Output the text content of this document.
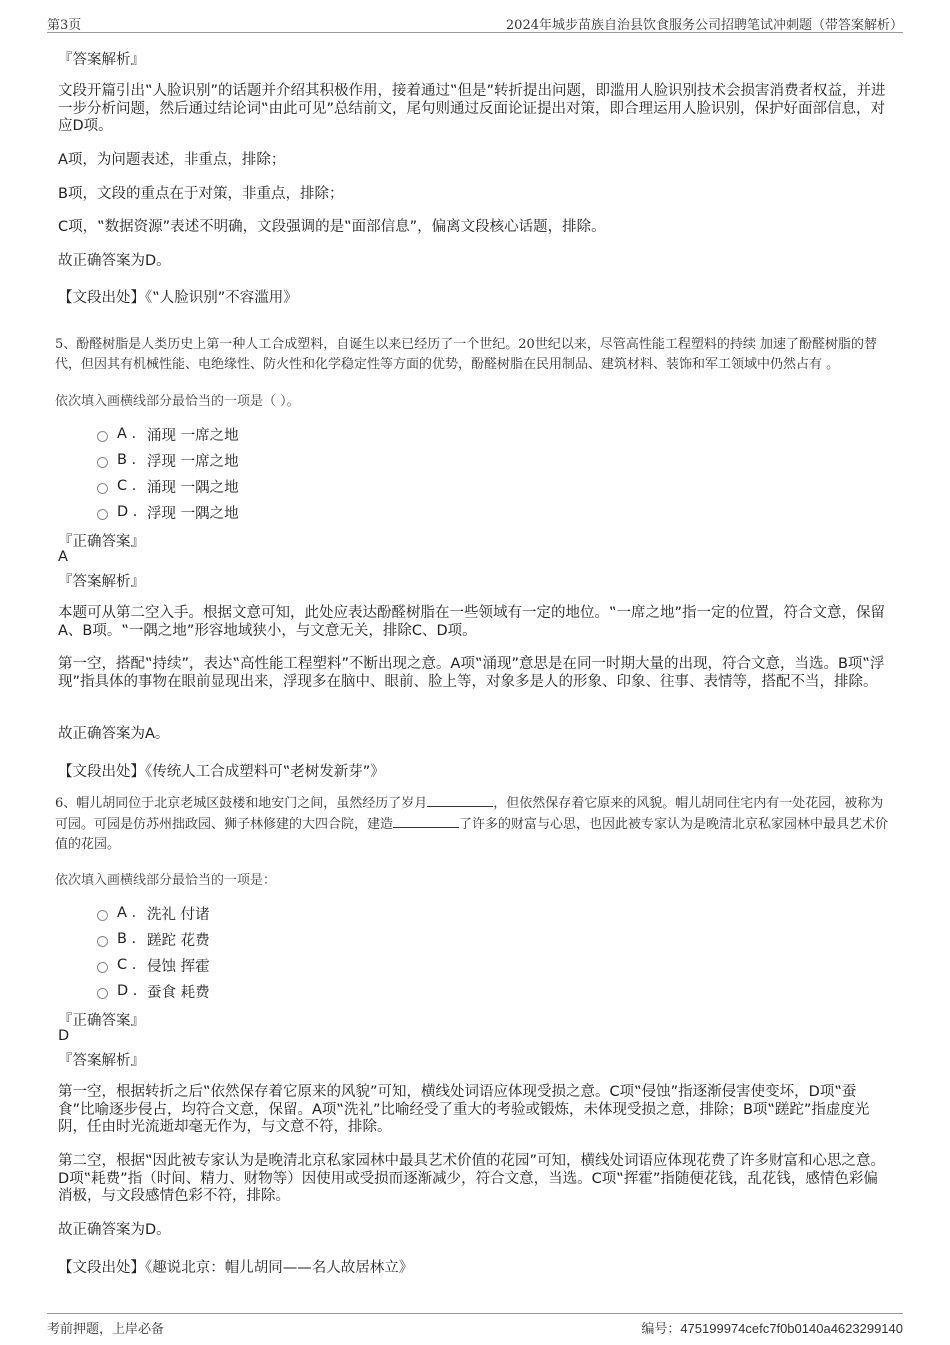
第3页	2024年城步苗族自治县饮食服务公司招聘笔试冲刺题（带答案解析）
『答案解析』
文段开篇引出‟人脸识别”的话题并介绍其积极作用，接着通过‟但是”转折提出问题，即滥用人脸识别技术会损害消费者权益，并进一步分析问题，然后通过结论词‟由此可见”总结前文，尾句则通过反面论证提出对策，即合理运用人脸识别，保护好面部信息，对应D项。
A项，为问题表述，非重点，排除；
B项，文段的重点在于对策，非重点，排除；
C项，‟数据资源”表述不明确，文段强调的是‟面部信息”，偏离文段核心话题，排除。
故正确答案为D。
【文段出处】《‟人脸识别”不容滥用》
5、酚醛树脂是人类历史上第一种人工合成塑料，自诞生以来已经历了一个世纪。20世纪以来，尽管高性能工程塑料的持续 加速了酚醛树脂的替代，但因其有机械性能、电绝缘性、防火性和化学稳定性等方面的优势，酚醛树脂在民用制品、建筑材料、装饰和军工领域中仍然占有 。
依次填入画横线部分最恰当的一项是（ ）。
A . 涌现 一席之地
B . 浮现 一席之地
C . 涌现 一隅之地
D . 浮现 一隅之地
『正确答案』
A
『答案解析』
本题可从第二空入手。根据文意可知，此处应表达酚醛树脂在一些领域有一定的地位。‟一席之地”指一定的位置，符合文意，保留A、B项。‟一隅之地”形容地域狭小，与文意无关，排除C、D项。
第一空，搭配‟持续”，表达‟高性能工程塑料”不断出现之意。A项‟涌现”意思是在同一时期大量的出现，符合文意，当选。B项‟浮现”指具体的事物在眼前显现出来，浮现多在脑中、眼前、脸上等，对象多是人的形象、印象、往事、表情等，搭配不当，排除。
故正确答案为A。
【文段出处】《传统人工合成塑料可‟老树发新芽”》
6、帽儿胡同位于北京老城区鼓楼和地安门之间，虽然经历了岁月	，但依然保存着它原来的风貌。帽儿胡同住宅内有一处花园，被称为可园。可园是仿苏州拙政园、狮子林修建的大四合院，建造	了许多的财富与心思，也因此被专家认为是晚清北京私家园林中最具艺术价值的花园。
依次填入画横线部分最恰当的一项是：
A . 洗礼 付诸
B . 蹉跎 花费
C . 侵蚀 挥霍
D . 蚕食 耗费
『正确答案』
D
『答案解析』
第一空，根据转折之后‟依然保存着它原来的风貌”可知，横线处词语应体现受损之意。C项‟侵蚀”指逐渐侵害使变坏，D项‟蚕食”比喻逐步侵占，均符合文意，保留。A项‟洗礼”比喻经受了重大的考验或锻炼，未体现受损之意，排除；B项‟蹉跎”指虚度光阴，任由时光流逝却毫无作为，与文意不符，排除。
第二空，根据‟因此被专家认为是晚清北京私家园林中最具艺术价值的花园”可知，横线处词语应体现花费了许多财富和心思之意。D项‟耗费”指（时间、精力、财物等）因使用或受损而逐渐减少，符合文意，当选。C项‟挥霍”指随便花钱，乱花钱，感情色彩偏消极，与文段感情色彩不符，排除。
故正确答案为D。
【文段出处】《趣说北京：帽儿胡同——名人故居林立》
考前押题，上岸必备	编号：475199974cefc7f0b0140a4623299140
